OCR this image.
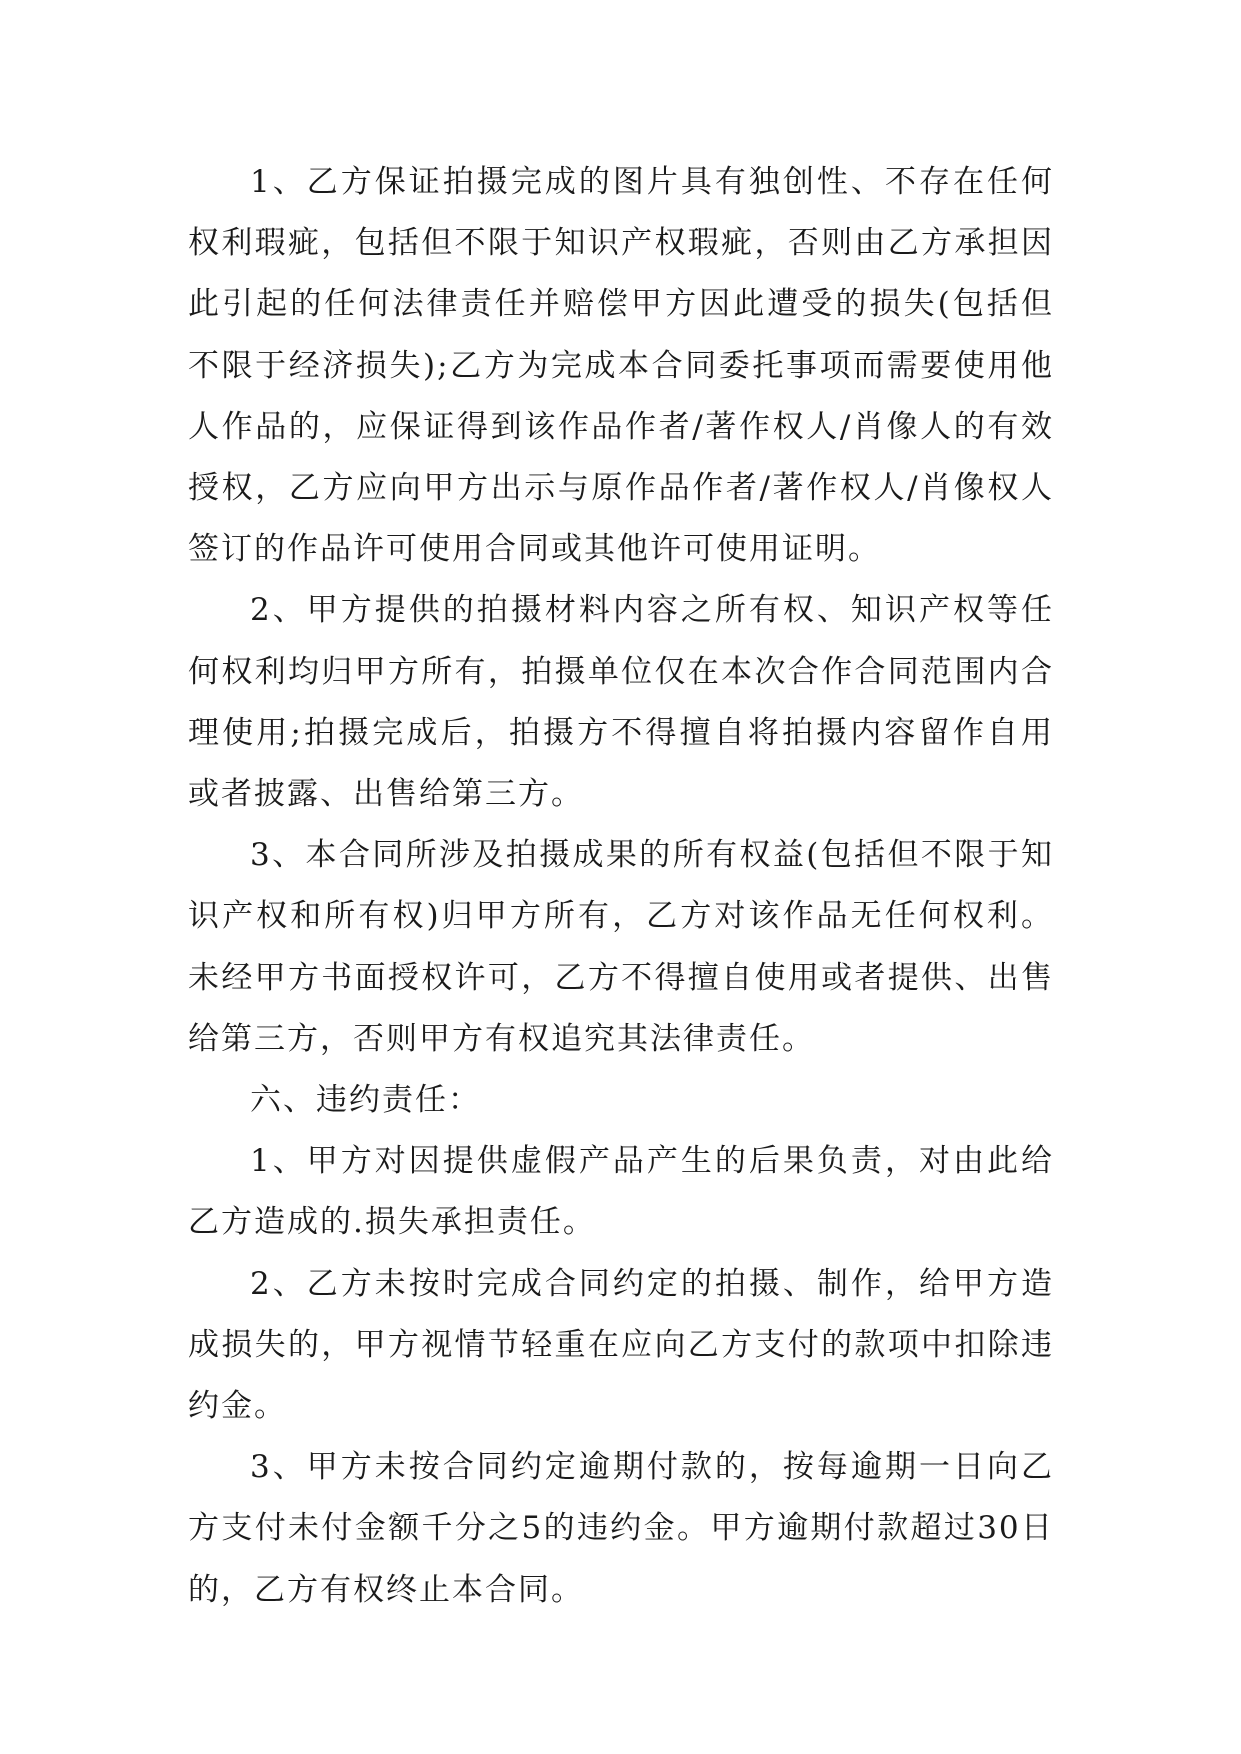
1、乙方保证拍摄完成的图片具有独创性、不存在任何权利瑕疵，包括但不限于知识产权瑕疵，否则由乙方承担因此引起的任何法律责任并赔偿甲方因此遭受的损失(包括但不限于经济损失);乙方为完成本合同委托事项而需要使用他人作品的，应保证得到该作品作者/著作权人/肖像人的有效授权，乙方应向甲方出示与原作品作者/著作权人/肖像权人签订的作品许可使用合同或其他许可使用证明。

2、甲方提供的拍摄材料内容之所有权、知识产权等任何权利均归甲方所有，拍摄单位仅在本次合作合同范围内合理使用;拍摄完成后，拍摄方不得擅自将拍摄内容留作自用或者披露、出售给第三方。

3、本合同所涉及拍摄成果的所有权益(包括但不限于知识产权和所有权)归甲方所有，乙方对该作品无任何权利。未经甲方书面授权许可，乙方不得擅自使用或者提供、出售给第三方，否则甲方有权追究其法律责任。

六、违约责任：

1、甲方对因提供虚假产品产生的后果负责，对由此给乙方造成的.损失承担责任。

2、乙方未按时完成合同约定的拍摄、制作，给甲方造成损失的，甲方视情节轻重在应向乙方支付的款项中扣除违约金。

3、甲方未按合同约定逾期付款的，按每逾期一日向乙方支付未付金额千分之5的违约金。甲方逾期付款超过30日的，乙方有权终止本合同。
